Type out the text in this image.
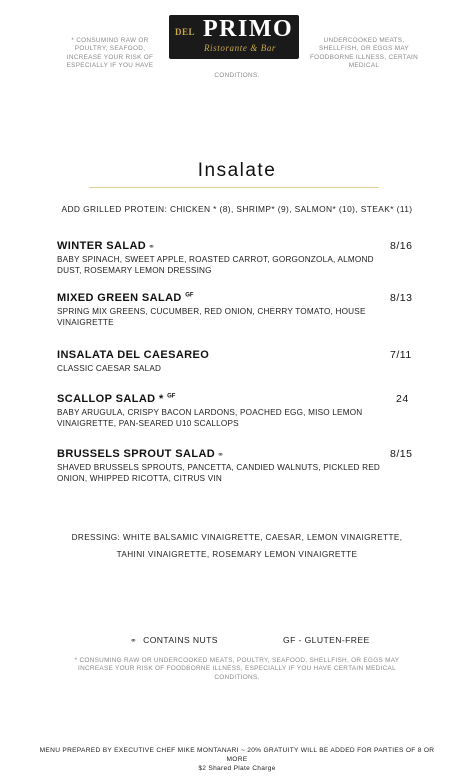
* CONSUMING RAW OR POULTRY, SEAFOOD, INCREASE YOUR RISK OF ESPECIALLY IF YOU HAVE
UNDERCOOKED MEATS, SHELLFISH, OR EGGS MAY FOODBORNE ILLNESS, CERTAIN MEDICAL
CONDITIONS.
DEL PRIMO
Ristorante & Bar
Insalate
ADD GRILLED PROTEIN: CHICKEN * (8), SHRIMP* (9), SALMON* (10), STEAK* (11)
WINTER SALAD ⚭	8/16
BABY SPINACH, SWEET APPLE, ROASTED CARROT, GORGONZOLA, ALMOND DUST, ROSEMARY LEMON DRESSING
MIXED GREEN SALAD $^{GF}$	8/13
SPRING MIX GREENS, CUCUMBER, RED ONION, CHERRY TOMATO, HOUSE VINAIGRETTE
INSALATA DEL CAESAREO	7/11
CLASSIC CAESAR SALAD
SCALLOP SALAD * $^{GF}$	24
BABY ARUGULA, CRISPY BACON LARDONS, POACHED EGG, MISO LEMON VINAIGRETTE, PAN-SEARED U10 SCALLOPS
BRUSSELS SPROUT SALAD ⚭	8/15
SHAVED BRUSSELS SPROUTS, PANCETTA, CANDIED WALNUTS, PICKLED RED ONION, WHIPPED RICOTTA, CITRUS VIN
DRESSING: WHITE BALSAMIC VINAIGRETTE, CAESAR, LEMON VINAIGRETTE,
TAHINI VINAIGRETTE, ROSEMARY LEMON VINAIGRETTE
⚭ CONTAINS NUTS	GF - GLUTEN-FREE
* CONSUMING RAW OR UNDERCOOKED MEATS, POULTRY, SEAFOOD, SHELLFISH, OR EGGS MAY INCREASE YOUR RISK OF FOODBORNE ILLNESS, ESPECIALLY IF YOU HAVE CERTAIN MEDICAL CONDITIONS.
MENU PREPARED BY EXECUTIVE CHEF MIKE MONTANARI ~ 20% GRATUITY WILL BE ADDED FOR PARTIES OF 8 OR MORE
$2 Shared Plate Charge
